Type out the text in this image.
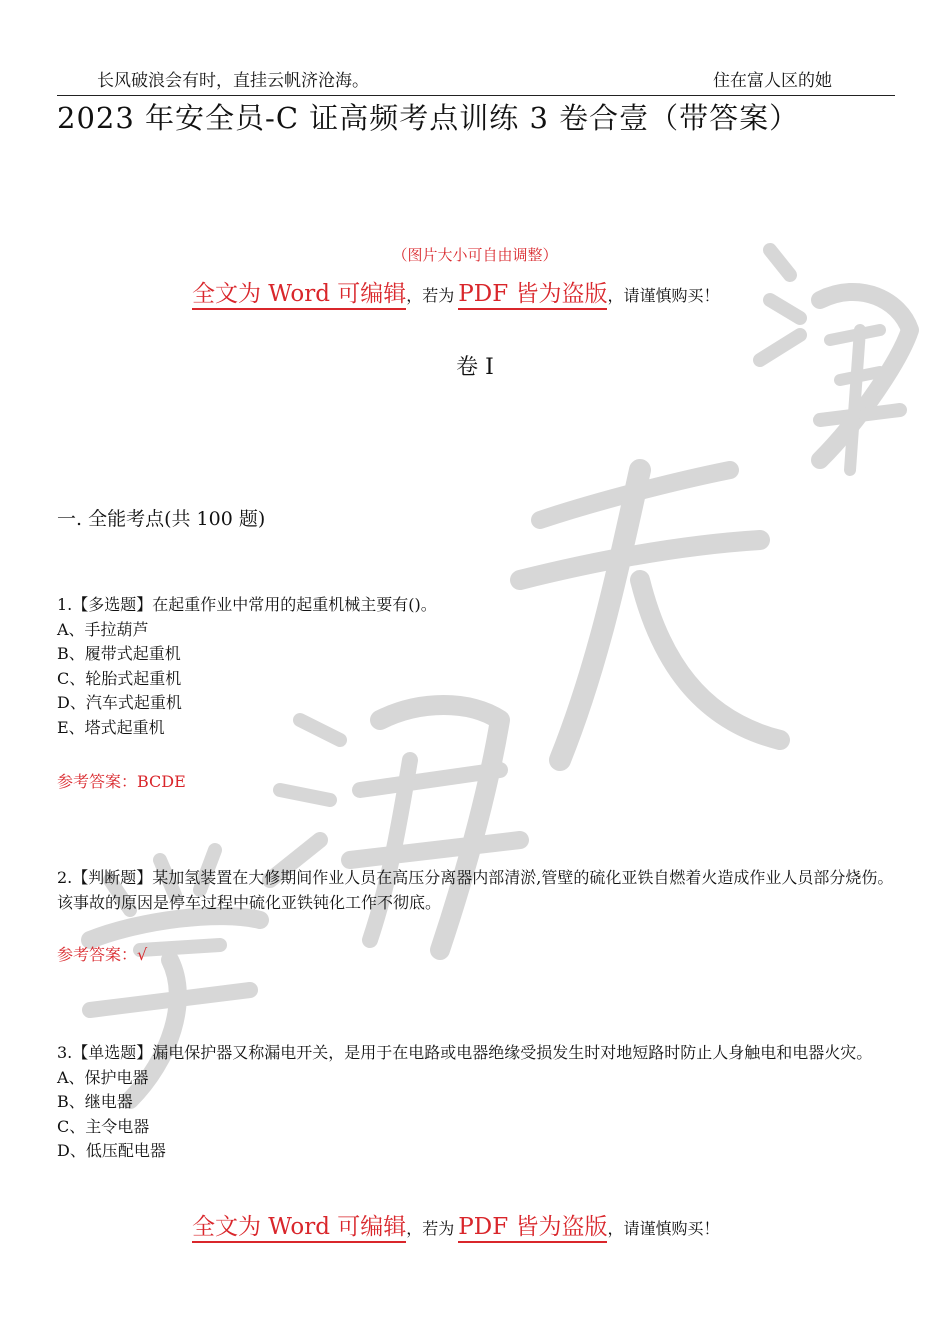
长风破浪会有时，直挂云帆济沧海。	住在富人区的她
2023 年安全员-C 证高频考点训练 3 卷合壹（带答案）
（图片大小可自由调整）
全文为 Word 可编辑，若为 PDF 皆为盗版，请谨慎购买！
卷 I
一. 全能考点(共 100 题)
1.【多选题】在起重作业中常用的起重机械主要有()。
A、手拉葫芦
B、履带式起重机
C、轮胎式起重机
D、汽车式起重机
E、塔式起重机
参考答案：BCDE
2.【判断题】某加氢装置在大修期间作业人员在高压分离器内部清淤,管壁的硫化亚铁自燃着火造成作业人员部分烧伤。该事故的原因是停车过程中硫化亚铁钝化工作不彻底。
参考答案：√
3.【单选题】漏电保护器又称漏电开关，是用于在电路或电器绝缘受损发生时对地短路时防止人身触电和电器火灾。
A、保护电器
B、继电器
C、主令电器
D、低压配电器
全文为 Word 可编辑，若为 PDF 皆为盗版，请谨慎购买！
